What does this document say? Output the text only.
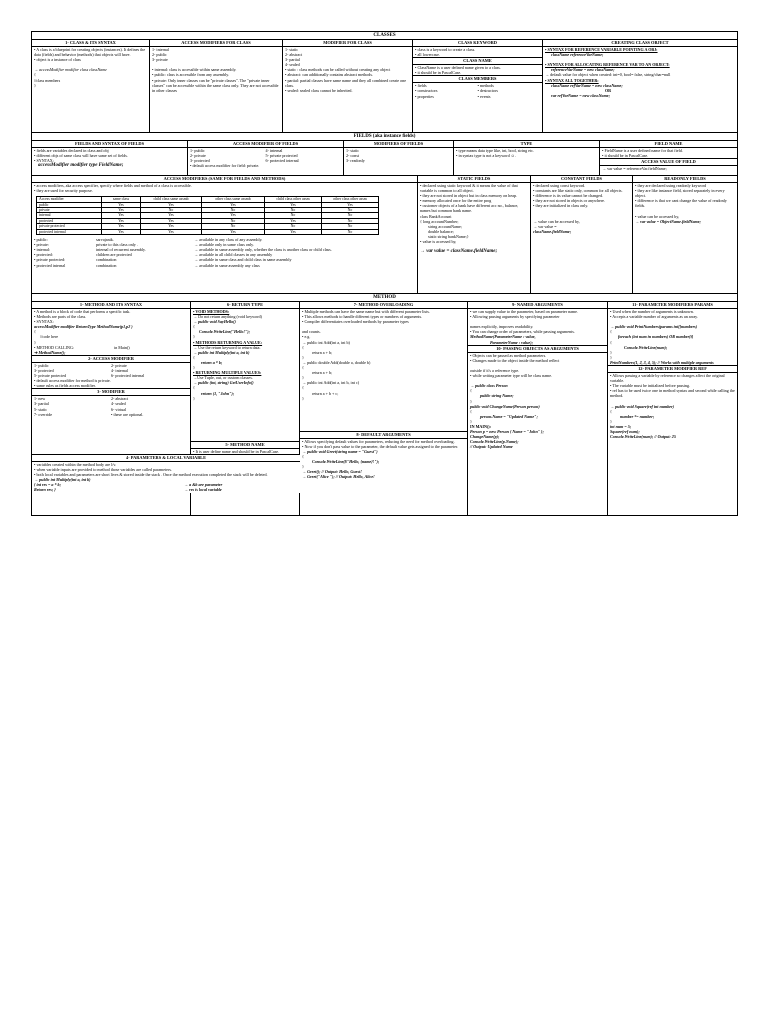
CLASSES
1- CLASS & ITS SYNTAX

• A class is a blueprint for creating objects (instances). It defines the data (fields) and behavior (methods) that objects will have.

• object is a instance of class

→ accessModifier modifier class className

{

//class members

}

ACCESS MODIFIERS FOR CLASS

1- internal

2- public

3- private

• internal: class is accessible within same assembly.

• public: class is accessible from any assembly.

• private: Only inner classes can be "private classes". The "private inner classes" can be accessible within the same class only. They are not accessible in other classes

MODIFIER FOR CLASS

1- static

2- abstract

3- partial

4- sealed

• static : class methods can be called without creating any object

• abstract: can additionally contains abstract methods.

• partial: partial classes have same name and they all combined create one class.

• sealed: sealed class cannot be inherited.

CLASS KEYWORD

• class is a keyword to create a class.

• all lowercase.

CLASS NAME

• ClassName is a user defined name given to a class.

• it should be in PascalCase.

CLASS MEMBERS
• fields	• methods
• constructors	• destructors
• properties	• events
CREATING CLASS OBJECT

• SYNTAX FOR REFERENCE VARIABLE POINTING A OBJ:

className referenceVarName;

• SYNTAX FOR ALLOCATING REFERENCE VAR TO AN OBJECT:

referenceVarName = new className;

→ default value for object when created: int=0, bool= false, string/char=null

• SYNTAX ALL TOGETHER:

className refVarName = new className;

OR

var refVarName = new className;

FIELDS (aka instance fields)
FIELDS AND SYNTAX OF FIELDS

• fields are variables declared in class and obj

• different objs of same class will have same set of fields.

• SYNTAX:

accessModifier modifier type FieldName;

ACCESS MODIFIER OF FIELDS
1- public	4- internal
2- private	5- private protected
3- protected	6- protected internal
• default access modifier for field: private.
MODIFIERS OF FIELDS

1- static

2- const

3- readonly

TYPE

• type means data type like, int, bool, string etc.

• in syntax type is not a keyword ☺.

FIELD NAME

• FieldName is a user defined name for that field.

• it should be in PascalCase.

ACCESS VALUE OF FIELD
→ var value = referenceVar.fieldName;
ACCESS MODIFIERS (SAME FOR FIELDS AND METHODS)

• access modifiers, aka access specifier, specify where fields and method of a class is accessible.

• they are used for security purpose.

Access modifier	same class	child class same assmb	other class same assmb	child class other assm	other class other assm
public	Yes	Yes	Yes	Yes	Yes
private	Yes	No	No	No	No
internal	Yes	Yes	Yes	No	No
protected	Yes	Yes	No	Yes	No
private protected	Yes	Yes	No	No	No
protected internal	Yes	Yes	Yes	Yes	No
• public:	sarvajanik.	→ available in any class of any assembly.
• private:	private to this class only .	→ available only in same class only.
• internal:	internal of recurrent assembly.	→ available in same assembly only, whether the class is another class or child class.
• protected:	children are protected	→ available in all child classes in any assembly
• private protected:	combination	→ available in same class and child class in same assembly
• protected internal	combination	→ available in same assembly any class
STATIC FIELDS

• declared using static keyword & it means the value of that variable is common to all object.

• they are not stored in object but in class memory on heap.

• memory allocated once for the entire prog

• customer objects of a bank have different acc no., balance, names but common bank name.

class BankAccount

{ long accountNumber;

string accountName;

double balance;

static string bankName;}

• value is accessed by,

→ var value = className.fieldName;

CONSTANT FIELDS

• declared using const keyword.

• constants are like static only, common for all objects.

• difference is its value cannot be changed.

• they are not stored in objects or anywhere.

• they are initialized in class only.

→ value can be accessed by,

→ var value =

className.fieldName;

READONLY FIELDS

• they are declared using readonly keyword

• they are like instance field, stored separately in every object.

• difference is that we cant change the value of readonly fields.

• value can be accessed by,

→ var value = ObjectName.fieldName;

METHOD
1- METHOD AND ITS SYNTAX

• A method is a block of code that performs a specific task.

• Methods are parts of the class.

• SYNTAX:

accessModifier modifier ReturnType MethodName(p1,p2 )

{

//code here

}

• METHOD CALLING:	in Main()

➔ MethodName();

2- ACCESS MODIFIER
1- public	2- private
3- protected	4- internal
5- private protected	6- protected internal

• default access modifier for method is private.

• same rules as fields access modifier.

3- MODIFIER
1- new	2- abstract
3- partial	4- sealed
5- static	6- virtual
7- override	• these are optional.
6- RETURN TYPE

• VOID METHODS:

→ Do not return anything (void keyword)

→ public void SayHello()

{

Console.WriteLine("Hello!");

}

• METHODS RETURNING A VALUE:

→ Use the return keyword to return data.

→ public int Multiply(int a, int b)

{

return a * b;

}

• RETURNING MULTIPLE VALUES:

→Use Tuple, out, or custom classes.

→ public (int, string) GetUserInfo()

{

return (1, "John");

}

5- METHOD NAME
• It is user define name and should be in PascalCase.
7- METHOD OVERLOADING

• Multiple methods can have the same name but with different parameter lists.

• This allows methods to handle different types or numbers of arguments.

• Compiler differentiates overloaded methods by parameter types

and counts.

• e.g.

→ public int Add(int a, int b)

{

return a + b;

}

→ public double Add(double a, double b)

{

return a + b;

}

→ public int Add(int a, int b, int c)

{

return a + b + c;

}

8- DEFAULT ARGUMENTS

• Allows specifying default values for parameters, reducing the need for method overloading.

• Now if you don't pass value to the parameter, the default value gets assigned to the parameter.

→ public void Greet(string name = "Guest")

{

Console.WriteLine($"Hello, {name}!");

}

→ Greet(); // Output: Hello, Guest!

→ Greet("Alice "); // Output: Hello, Alice!

9- NAMED ARGUMENTS

• we can supply value to the parameter, based on parameter name.

• Allowing passing arguments by specifying parameter

names explicitly, improves readability.

• You can change order of parameters, while passing arguments.

MethodName(ParameterName : value,

ParameterName : value);

10- PASSING OBJECTS AS ARGUMENTS

• Objects can be passed as method parameters.

• Changes made to the object inside the method reflect

outside if it's a reference type.

• while writing parameter type will be class name.

→ public class Person

{

public string Name;

}

public void ChangeName(Person person)

{

person.Name = "Updated Name";

}

IN MAIN():

Person p = new Person { Name = "John" };

ChangeName(p);

Console.WriteLine(p.Name);

// Output: Updated Name

11- PARAMETER MODIFIERS PARAMS

• Used when the number of arguments is unknown.

• Accepts a variable number of arguments as an array.

→ public void PrintNumbers(params int[]numbers)

{

foreach (int num in numbers) OR number[i]

{

Console.WriteLine(num);

}

}

PrintNumbers(1, 2, 3, 4, 5); // Works with multiple arguments

12- PARAMETER MODIFIER REF

• Allows passing a variable by reference so changes affect the original variable.

• The variable must be initialized before passing.

• ref has to be used twice one in method syntax and second while calling the method.

→ public void Square(ref int number)

{

number *= number;

}

int num = 5;

Square(ref num);

Console.WriteLine(num); // Output: 25

4- PARAMETERS & LOCAL VARIABLE

• variables created within the method body are l/v.

• when variable inputs are provided to method those variables are called parameters.

• both local variables and parameters are short lives & stored inside the stack . Once the method execution completed the stack will be deleted.

→ public int Multiply(int a, int b)

{ int res = a * b;

Return res; }

→ a &b are parameter

→ res is local variable
